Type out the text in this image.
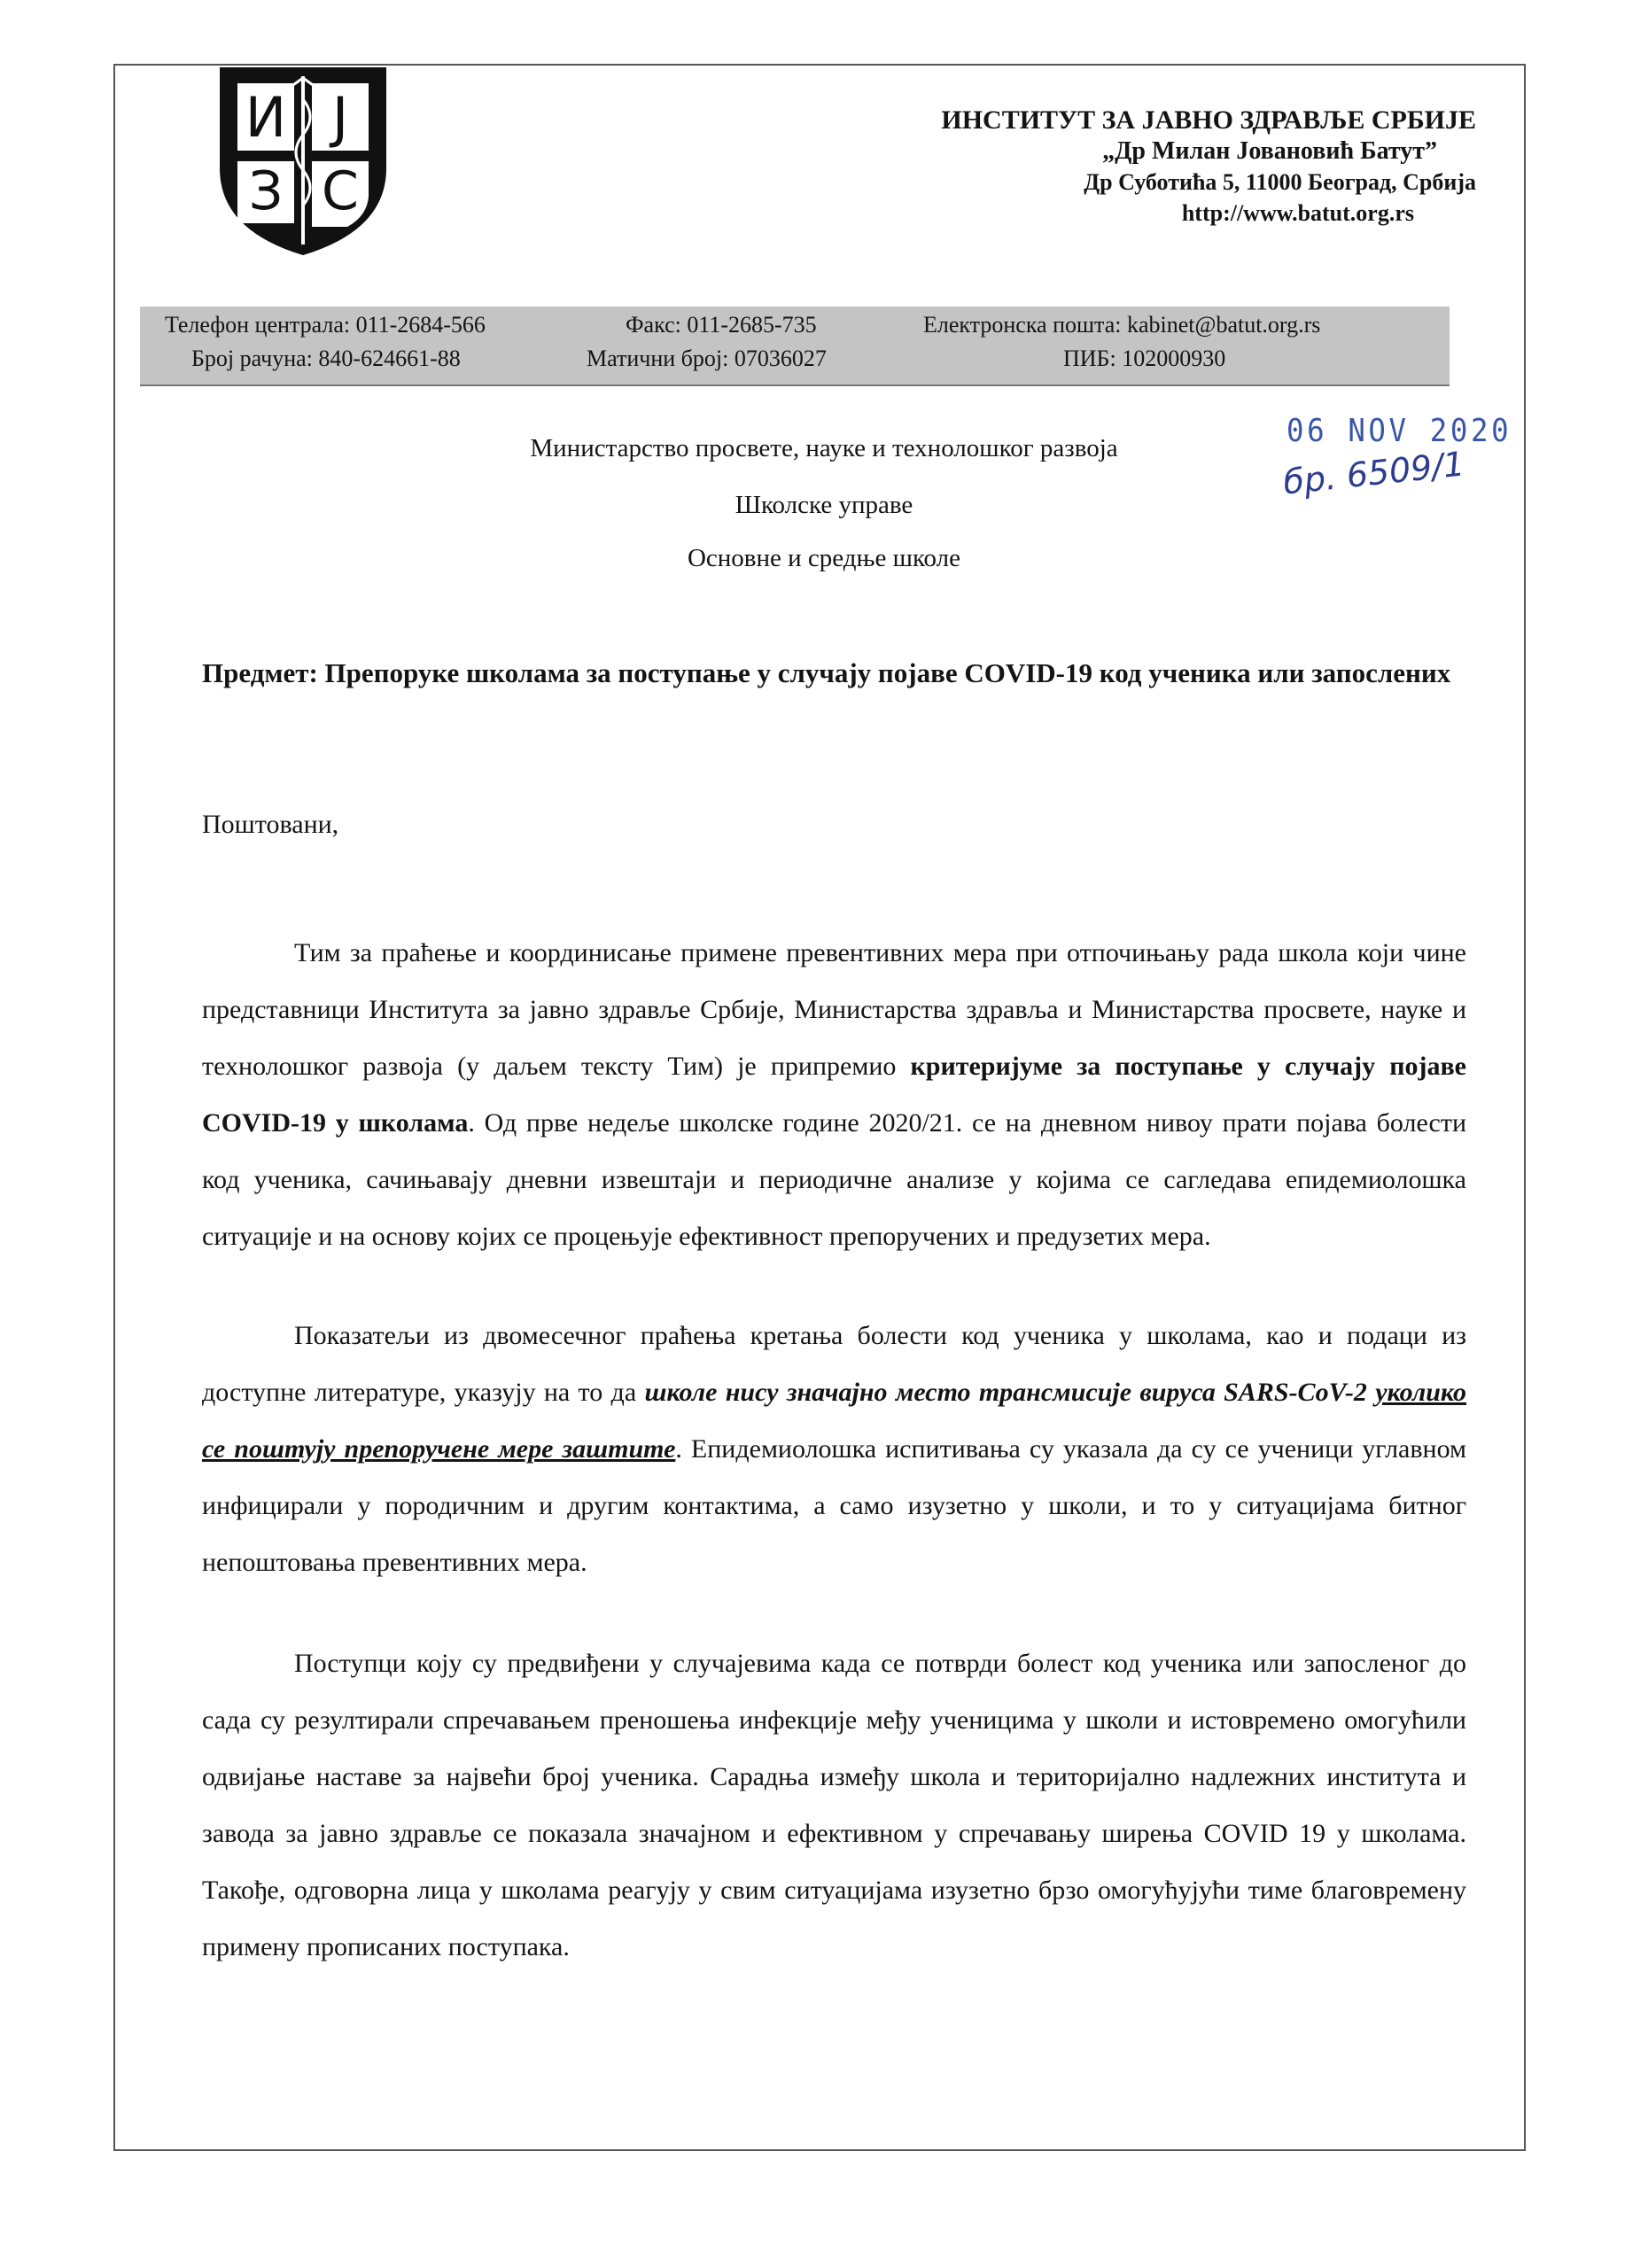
И Ј
З С
ИНСТИТУТ ЗА ЈАВНО ЗДРАВЉЕ СРБИЈЕ
„Др Милан Јовановић Батут”
Др Суботића 5, 11000 Београд, Србија
http://www.batut.org.rs
Телефон централа: 011-2684-566	Факс: 011-2685-735	Електронска пошта: kabinet@batut.org.rs
Број рачуна: 840-624661-88	Матични број: 07036027	ПИБ: 102000930
06 NOV 2020
бр. 6509/1
Министарство просвете, науке и технолошког развоја
Школске управе
Основне и средње школе
Предмет: Препоруке школама за поступање у случају појаве COVID-19 код ученика или запослених
Поштовани,

Тим за праћење и координисање примене превентивних мера при отпочињању рада школа који чине представници Института за јавно здравље Србије, Министарства здравља и Министарства просвете, науке и технолошког развоја (у даљем тексту Тим) је припремио критеријуме за поступање у случају појаве COVID-19 у школама. Од прве недеље школске године 2020/21. се на дневном нивоу прати појава болести код ученика, сачињавају дневни извештаји и периодичне анализе у којима се сагледава епидемиолошка ситуације и на основу којих се процењује ефективност препоручених и предузетих мера.

Показатељи из двомесечног праћења кретања болести код ученика у школама, као и подаци из доступне литературе, указују на то да школе нису значајно место трансмисије вируса SARS-CoV-2 уколико се поштују препоручене мере заштите. Епидемиолошка испитивања су указала да су се ученици углавном инфицирали у породичним и другим контактима, а само изузетно у школи, и то у ситуацијама битног непоштовања превентивних мера.

Поступци коју су предвиђени у случајевима када се потврди болест код ученика или запосленог до сада су резултирали спречавањем преношења инфекције међу ученицима у школи и истовремено омогућили одвијање наставе за највећи број ученика. Сарадња између школа и територијално надлежних института и завода за јавно здравље се показала значајном и ефективном у спречавању ширења COVID 19 у школама. Такође, одговорна лица у школама реагују у свим ситуацијама изузетно брзо омогућујући тиме благовремену примену прописаних поступака.
